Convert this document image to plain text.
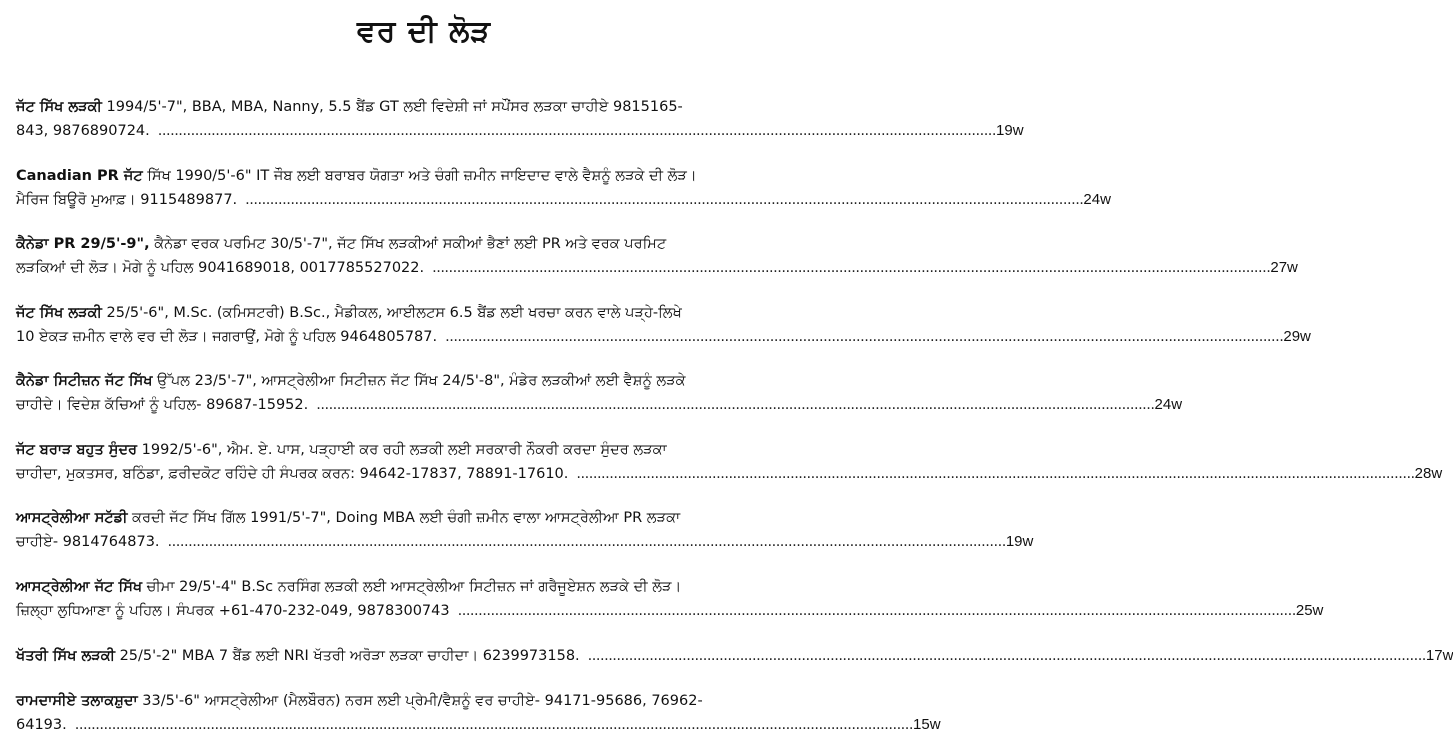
ਵਰ ਦੀ ਲੋੜ
ਜੱਟ ਸਿੱਖ ਲੜਕੀ 1994/5'-7", BBA, MBA, Nanny, 5.5 ਬੈਂਡ GT ਲਈ ਵਿਦੇਸ਼ੀ ਜਾਂ ਸਪੌਂਸਰ ਲੜਕਾ ਚਾਹੀਏ 9815165-
843, 9876890724. .....	19w
Canadian PR ਜੱਟ ਸਿੱਖ 1990/5'-6" IT ਜੌਬ ਲਈ ਬਰਾਬਰ ਯੋਗਤਾ ਅਤੇ ਚੰਗੀ ਜ਼ਮੀਨ ਜਾਇਦਾਦ ਵਾਲੇ ਵੈਸ਼ਨੂੰ ਲੜਕੇ ਦੀ ਲੋੜ।
ਮੈਰਿਜ ਬਿਊਰੋ ਮੁਆਫ਼। 9115489877. .....	24w
ਕੈਨੇਡਾ PR 29/5'-9", ਕੈਨੇਡਾ ਵਰਕ ਪਰਮਿਟ 30/5'-7", ਜੱਟ ਸਿੱਖ ਲੜਕੀਆਂ ਸਕੀਆਂ ਭੈਣਾਂ ਲਈ PR ਅਤੇ ਵਰਕ ਪਰਮਿਟ
ਲੜਕਿਆਂ ਦੀ ਲੋੜ। ਮੋਗੇ ਨੂੰ ਪਹਿਲ 9041689018, 0017785527022. .....	27w
ਜੱਟ ਸਿੱਖ ਲੜਕੀ 25/5'-6", M.Sc. (ਕਮਿਸਟਰੀ) B.Sc., ਮੈਡੀਕਲ, ਆਈਲਟਸ 6.5 ਬੈਂਡ ਲਈ ਖਰਚਾ ਕਰਨ ਵਾਲੇ ਪੜ੍ਹੇ-ਲਿਖੇ
10 ਏਕੜ ਜ਼ਮੀਨ ਵਾਲੇ ਵਰ ਦੀ ਲੋੜ। ਜਗਰਾਉਂ, ਮੋਗੇ ਨੂੰ ਪਹਿਲ 9464805787. .....	29w
ਕੈਨੇਡਾ ਸਿਟੀਜ਼ਨ ਜੱਟ ਸਿੱਖ ਉੱਪਲ 23/5'-7", ਆਸਟ੍ਰੇਲੀਆ ਸਿਟੀਜ਼ਨ ਜੱਟ ਸਿੱਖ 24/5'-8", ਮੰਡੇਰ ਲੜਕੀਆਂ ਲਈ ਵੈਸ਼ਨੂੰ ਲੜਕੇ
ਚਾਹੀਦੇ। ਵਿਦੇਸ਼ ਕੱਚਿਆਂ ਨੂੰ ਪਹਿਲ- 89687-15952. .....	24w
ਜੱਟ ਬਰਾੜ ਬਹੁਤ ਸੁੰਦਰ 1992/5'-6", ਐਮ. ਏ. ਪਾਸ, ਪੜ੍ਹਾਈ ਕਰ ਰਹੀ ਲੜਕੀ ਲਈ ਸਰਕਾਰੀ ਨੌਕਰੀ ਕਰਦਾ ਸੁੰਦਰ ਲੜਕਾ
ਚਾਹੀਦਾ, ਮੁਕਤਸਰ, ਬਠਿੰਡਾ, ਫ਼ਰੀਦਕੋਟ ਰਹਿੰਦੇ ਹੀ ਸੰਪਰਕ ਕਰਨ: 94642-17837, 78891-17610. .....	28w
ਆਸਟ੍ਰੇਲੀਆ ਸਟੱਡੀ ਕਰਦੀ ਜੱਟ ਸਿੱਖ ਗਿੱਲ 1991/5'-7", Doing MBA ਲਈ ਚੰਗੀ ਜ਼ਮੀਨ ਵਾਲਾ ਆਸਟ੍ਰੇਲੀਆ PR ਲੜਕਾ
ਚਾਹੀਏ- 9814764873. .....	19w
ਆਸਟ੍ਰੇਲੀਆ ਜੱਟ ਸਿੱਖ ਚੀਮਾ 29/5'-4" B.Sc ਨਰਸਿੰਗ ਲੜਕੀ ਲਈ ਆਸਟ੍ਰੇਲੀਆ ਸਿਟੀਜ਼ਨ ਜਾਂ ਗਰੈਜੂਏਸ਼ਨ ਲੜਕੇ ਦੀ ਲੋੜ।
ਜ਼ਿਲ੍ਹਾ ਲੁਧਿਆਣਾ ਨੂੰ ਪਹਿਲ। ਸੰਪਰਕ +61-470-232-049, 9878300743 .....	25w
ਖੱਤਰੀ ਸਿੱਖ ਲੜਕੀ 25/5'-2" MBA 7 ਬੈਂਡ ਲਈ NRI ਖੱਤਰੀ ਅਰੋੜਾ ਲੜਕਾ ਚਾਹੀਦਾ। 6239973158. .....	17w
ਰਾਮਦਾਸੀਏ ਤਲਾਕਸ਼ੁਦਾ 33/5'-6" ਆਸਟ੍ਰੇਲੀਆ (ਮੈਲਬੌਰਨ) ਨਰਸ ਲਈ ਪ੍ਰੇਮੀ/ਵੈਸ਼ਨੂੰ ਵਰ ਚਾਹੀਏ- 94171-95686, 76962-
64193. .....	15w
